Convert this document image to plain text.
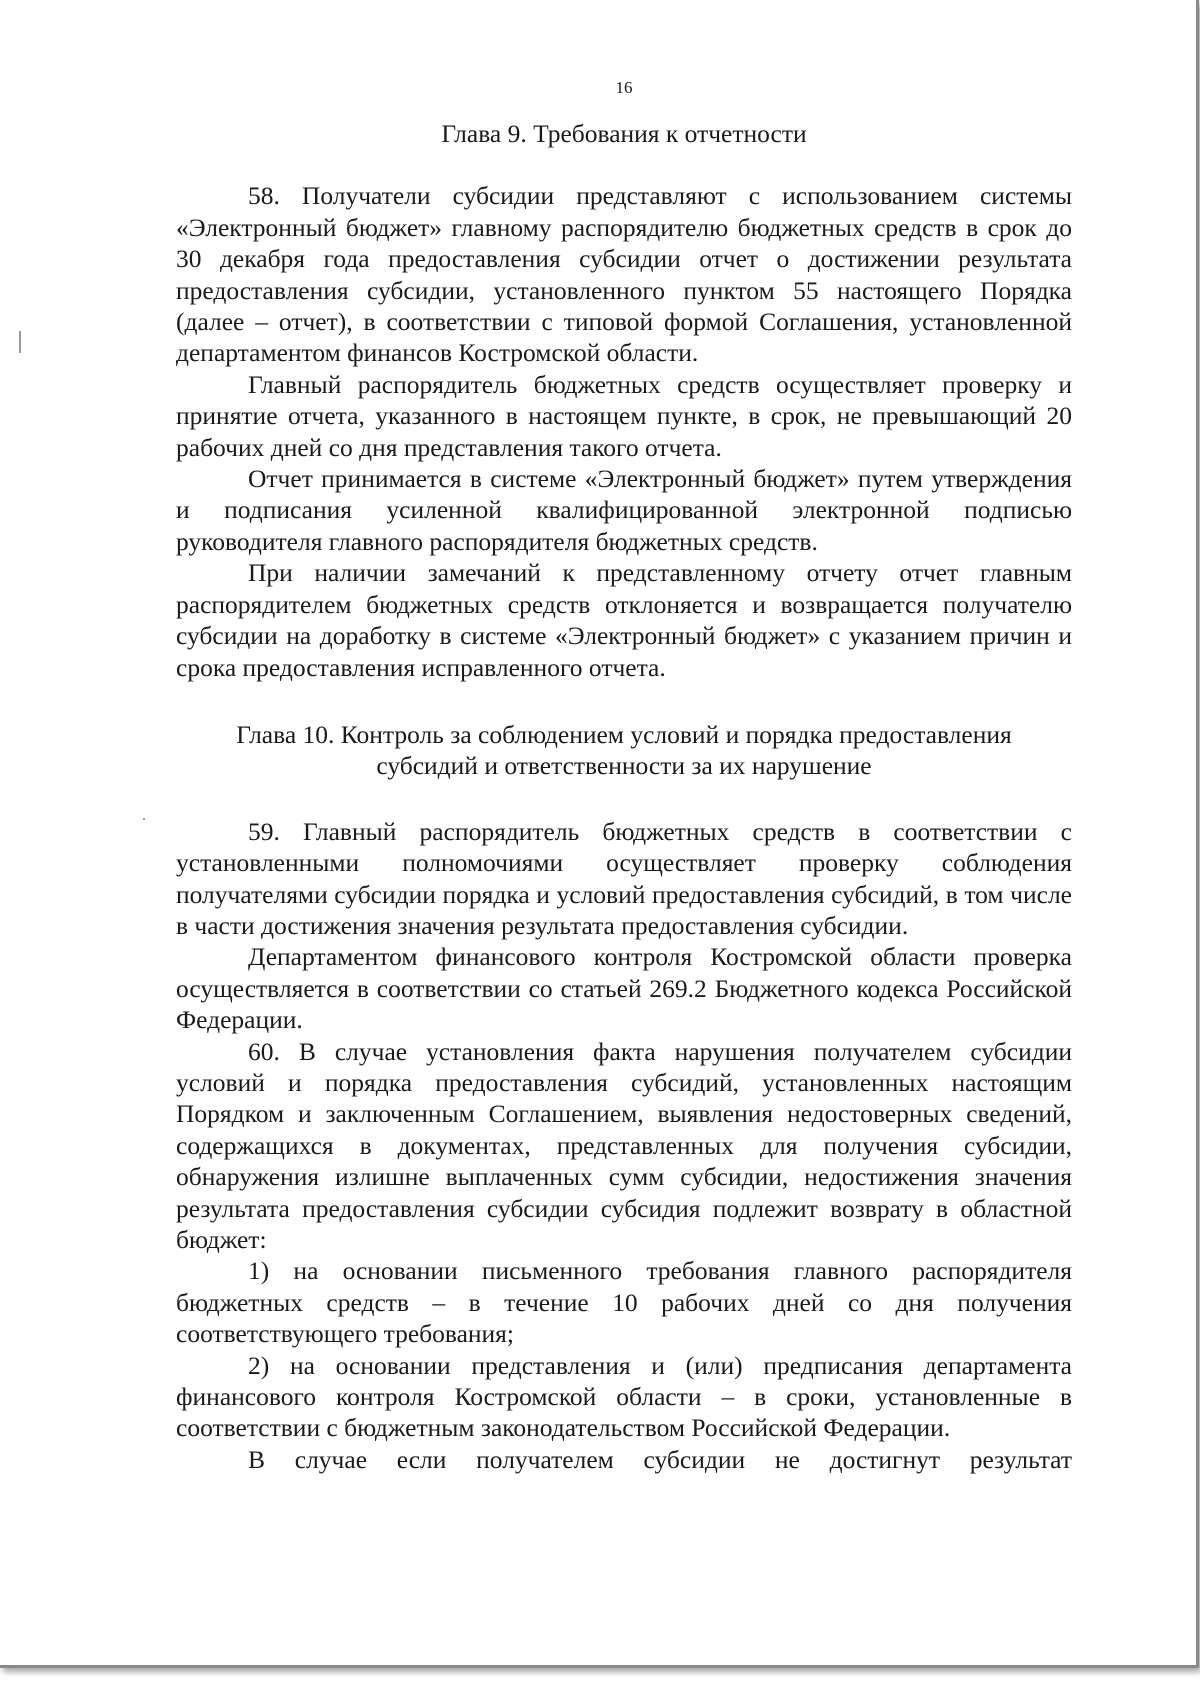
16

Глава 9. Требования к отчетности

58. Получатели субсидии представляют с использованием системы «Электронный бюджет» главному распорядителю бюджетных средств в срок до 30 декабря года предоставления субсидии отчет о достижении результата предоставления субсидии, установленного пунктом 55 настоящего Порядка (далее – отчет), в соответствии с типовой формой Соглашения, установленной департаментом финансов Костромской области.

Главный распорядитель бюджетных средств осуществляет проверку и принятие отчета, указанного в настоящем пункте, в срок, не превышающий 20 рабочих дней со дня представления такого отчета.

Отчет принимается в системе «Электронный бюджет» путем утверждения и подписания усиленной квалифицированной электронной подписью руководителя главного распорядителя бюджетных средств.

При наличии замечаний к представленному отчету отчет главным распорядителем бюджетных средств отклоняется и возвращается получателю субсидии на доработку в системе «Электронный бюджет» с указанием причин и срока предоставления исправленного отчета.

Глава 10. Контроль за соблюдением условий и порядка предоставления
субсидий и ответственности за их нарушение

59. Главный распорядитель бюджетных средств в соответствии с установленными полномочиями осуществляет проверку соблюдения получателями субсидии порядка и условий предоставления субсидий, в том числе в части достижения значения результата предоставления субсидии.

Департаментом финансового контроля Костромской области проверка осуществляется в соответствии со статьей 269.2 Бюджетного кодекса Российской Федерации.

60. В случае установления факта нарушения получателем субсидии условий и порядка предоставления субсидий, установленных настоящим Порядком и заключенным Соглашением, выявления недостоверных сведений, содержащихся в документах, представленных для получения субсидии, обнаружения излишне выплаченных сумм субсидии, недостижения значения результата предоставления субсидии субсидия подлежит возврату в областной бюджет:

1) на основании письменного требования главного распорядителя бюджетных средств – в течение 10 рабочих дней со дня получения соответствующего требования;

2) на основании представления и (или) предписания департамента финансового контроля Костромской области – в сроки, установленные в соответствии с бюджетным законодательством Российской Федерации.

В случае если получателем субсидии не достигнут результат
